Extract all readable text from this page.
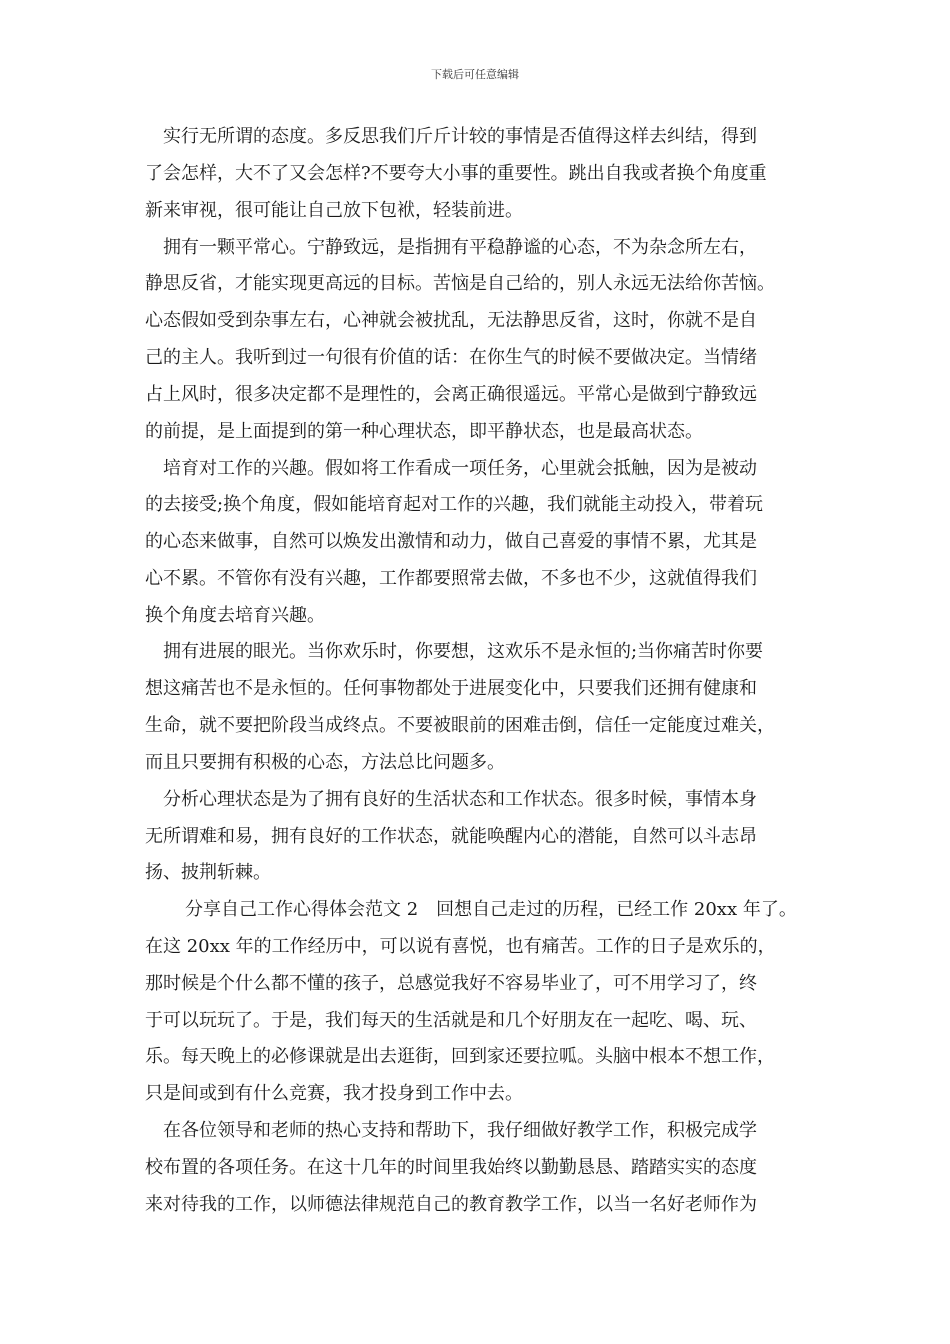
下载后可任意编辑
实行无所谓的态度。多反思我们斤斤计较的事情是否值得这样去纠结，得到
了会怎样，大不了又会怎样?不要夸大小事的重要性。跳出自我或者换个角度重
新来审视，很可能让自己放下包袱，轻装前进。
拥有一颗平常心。宁静致远，是指拥有平稳静谧的心态，不为杂念所左右，
静思反省，才能实现更高远的目标。苦恼是自己给的，别人永远无法给你苦恼。
心态假如受到杂事左右，心神就会被扰乱，无法静思反省，这时，你就不是自
己的主人。我听到过一句很有价值的话：在你生气的时候不要做决定。当情绪
占上风时，很多决定都不是理性的，会离正确很遥远。平常心是做到宁静致远
的前提，是上面提到的第一种心理状态，即平静状态，也是最高状态。
培育对工作的兴趣。假如将工作看成一项任务，心里就会抵触，因为是被动
的去接受;换个角度，假如能培育起对工作的兴趣，我们就能主动投入，带着玩
的心态来做事，自然可以焕发出激情和动力，做自己喜爱的事情不累，尤其是
心不累。不管你有没有兴趣，工作都要照常去做，不多也不少，这就值得我们
换个角度去培育兴趣。
拥有进展的眼光。当你欢乐时，你要想，这欢乐不是永恒的;当你痛苦时你要
想这痛苦也不是永恒的。任何事物都处于进展变化中，只要我们还拥有健康和
生命，就不要把阶段当成终点。不要被眼前的困难击倒，信任一定能度过难关，
而且只要拥有积极的心态，方法总比问题多。
分析心理状态是为了拥有良好的生活状态和工作状态。很多时候，事情本身
无所谓难和易，拥有良好的工作状态，就能唤醒内心的潜能，自然可以斗志昂
扬、披荆斩棘。
分享自己工作心得体会范文 2　回想自己走过的历程，已经工作 20xx 年了。
在这 20xx 年的工作经历中，可以说有喜悦，也有痛苦。工作的日子是欢乐的，
那时候是个什么都不懂的孩子，总感觉我好不容易毕业了，可不用学习了，终
于可以玩玩了。于是，我们每天的生活就是和几个好朋友在一起吃、喝、玩、
乐。每天晚上的必修课就是出去逛街，回到家还要拉呱。头脑中根本不想工作，
只是间或到有什么竞赛，我才投身到工作中去。
在各位领导和老师的热心支持和帮助下，我仔细做好教学工作，积极完成学
校布置的各项任务。在这十几年的时间里我始终以勤勤恳恳、踏踏实实的态度
来对待我的工作，以师德法律规范自己的教育教学工作，以当一名好老师作为
